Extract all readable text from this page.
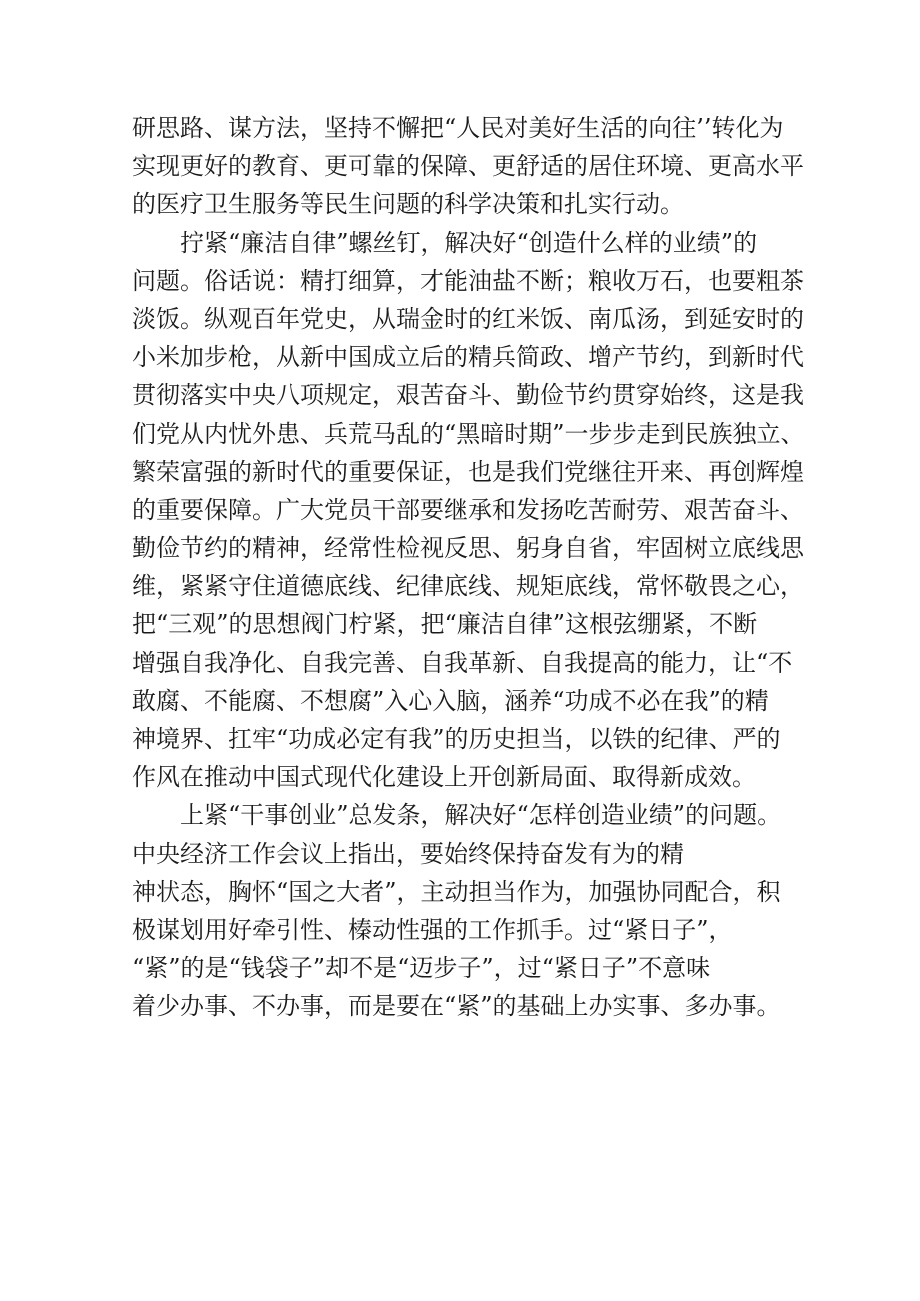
研思路、谋方法，坚持不懈把“人民对美好生活的向往’’转化为
实现更好的教育、更可靠的保障、更舒适的居住环境、更高水平
的医疗卫生服务等民生问题的科学决策和扎实行动。
拧紧“廉洁自律”螺丝钉，解决好“创造什么样的业绩”的
问题。俗话说：精打细算，才能油盐不断；粮收万石，也要粗茶
淡饭。纵观百年党史，从瑞金时的红米饭、南瓜汤，到延安时的
小米加步枪，从新中国成立后的精兵简政、增产节约，到新时代
贯彻落实中央八项规定，艰苦奋斗、勤俭节约贯穿始终，这是我
们党从内忧外患、兵荒马乱的“黑暗时期”一步步走到民族独立、
繁荣富强的新时代的重要保证，也是我们党继往开来、再创辉煌
的重要保障。广大党员干部要继承和发扬吃苦耐劳、艰苦奋斗、
勤俭节约的精神，经常性检视反思、躬身自省，牢固树立底线思
维，紧紧守住道德底线、纪律底线、规矩底线，常怀敬畏之心，
把“三观”的思想阀门柠紧，把“廉洁自律”这根弦绷紧，不断
增强自我净化、自我完善、自我革新、自我提高的能力，让“不
敢腐、不能腐、不想腐”入心入脑，涵养“功成不必在我”的精
神境界、扛牢“功成必定有我”的历史担当，以铁的纪律、严的
作风在推动中国式现代化建设上开创新局面、取得新成效。
上紧“干事创业”总发条，解决好“怎样创造业绩”的问题。
中央经济工作会议上指出，要始终保持奋发有为的精
神状态，胸怀“国之大者”，主动担当作为，加强协同配合，积
极谋划用好牵引性、榛动性强的工作抓手。过“紧日子”，
“紧”的是“钱袋子”却不是“迈步子”，过“紧日子”不意味
着少办事、不办事，而是要在“紧”的基础上办实事、多办事。
